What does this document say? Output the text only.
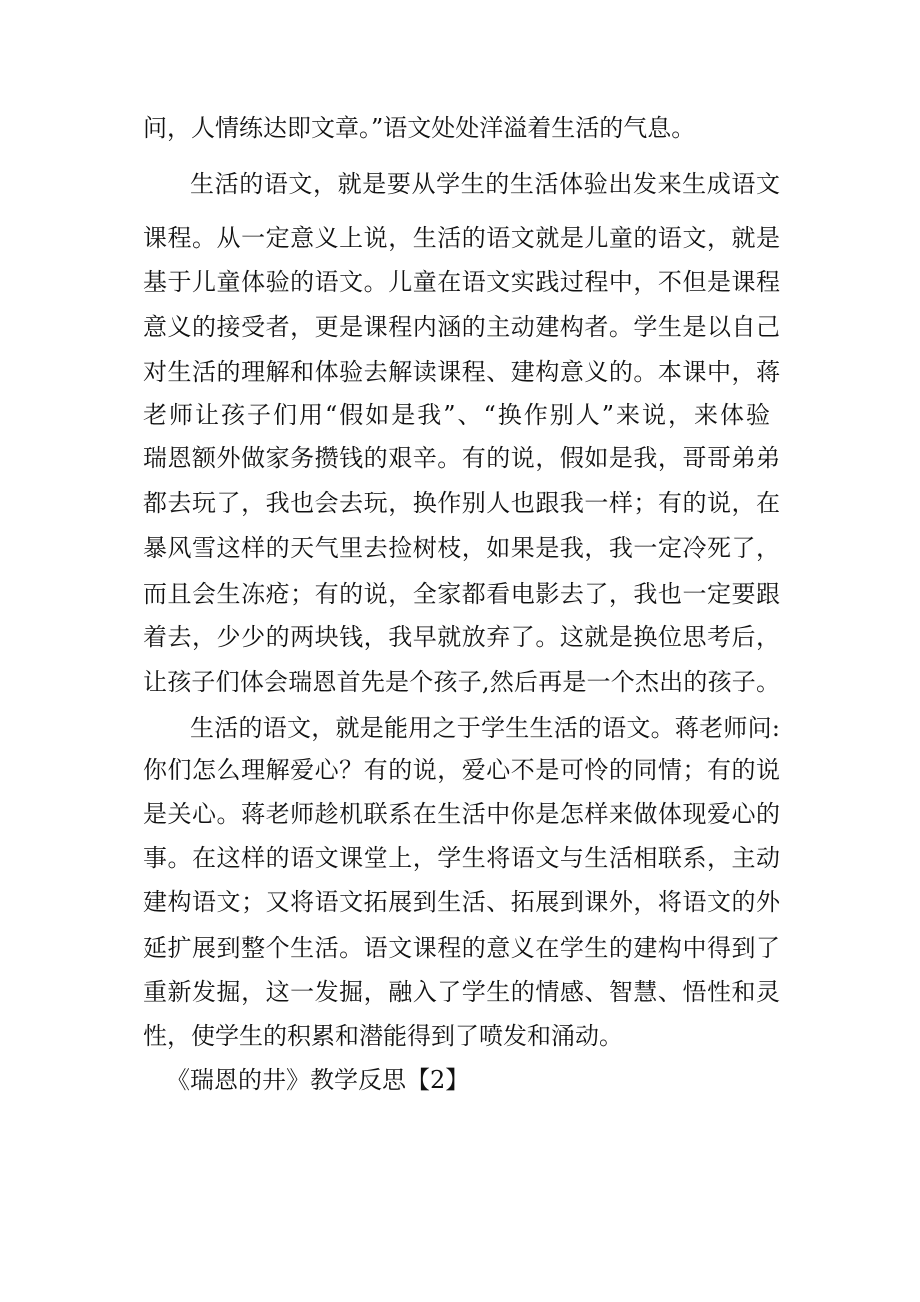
问，人情练达即文章。”语文处处洋溢着生活的气息。
生活的语文，就是要从学生的生活体验出发来生成语文
课程。从一定意义上说，生活的语文就是儿童的语文，就是
基于儿童体验的语文。儿童在语文实践过程中，不但是课程
意义的接受者，更是课程内涵的主动建构者。学生是以自己
对生活的理解和体验去解读课程、建构意义的。本课中，蒋
老师让孩子们用“假如是我”、“换作别人”来说，来体验
瑞恩额外做家务攒钱的艰辛。有的说，假如是我，哥哥弟弟
都去玩了，我也会去玩，换作别人也跟我一样；有的说，在
暴风雪这样的天气里去捡树枝，如果是我，我一定冷死了，
而且会生冻疮；有的说，全家都看电影去了，我也一定要跟
着去，少少的两块钱，我早就放弃了。这就是换位思考后，
让孩子们体会瑞恩首先是个孩子,然后再是一个杰出的孩子。
生活的语文，就是能用之于学生生活的语文。蒋老师问:
你们怎么理解爱心？有的说，爱心不是可怜的同情；有的说
是关心。蒋老师趁机联系在生活中你是怎样来做体现爱心的
事。在这样的语文课堂上，学生将语文与生活相联系，主动
建构语文；又将语文拓展到生活、拓展到课外，将语文的外
延扩展到整个生活。语文课程的意义在学生的建构中得到了
重新发掘，这一发掘，融入了学生的情感、智慧、悟性和灵
性，使学生的积累和潜能得到了喷发和涌动。
《瑞恩的井》教学反思【2】
